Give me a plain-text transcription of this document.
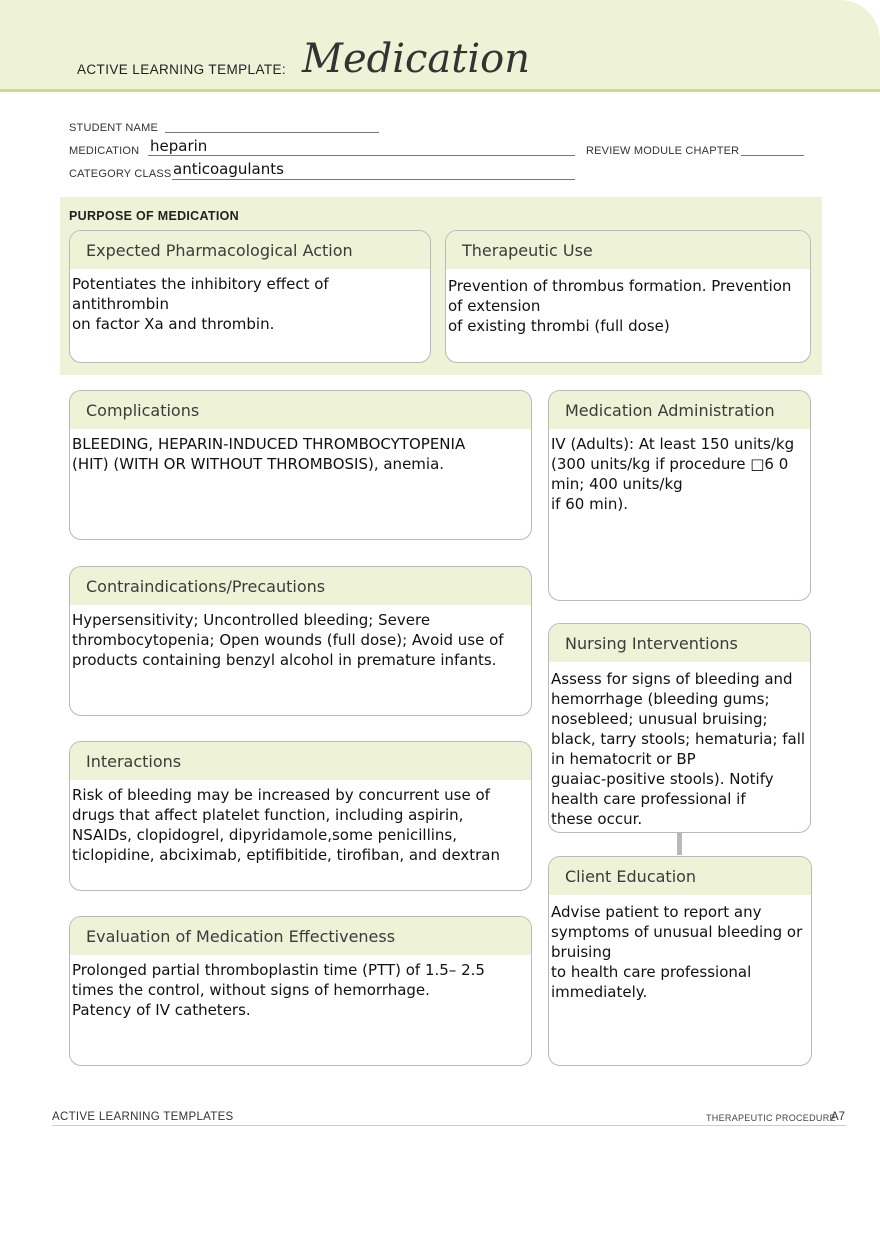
ACTIVE LEARNING TEMPLATE: Medication
STUDENT NAME
MEDICATION heparin	REVIEW MODULE CHAPTER
CATEGORY CLASS anticoagulants
PURPOSE OF MEDICATION
Expected Pharmacological Action
Potentiates the inhibitory effect of antithrombin
on factor Xa and thrombin.
Therapeutic Use
Prevention of thrombus formation. Prevention
of extension
of existing thrombi (full dose)
Complications
BLEEDING, HEPARIN-INDUCED THROMBOCYTOPENIA
(HIT) (WITH OR WITHOUT THROMBOSIS), anemia.
Contraindications/Precautions
Hypersensitivity; Uncontrolled bleeding; Severe
thrombocytopenia; Open wounds (full dose); Avoid use of
products containing benzyl alcohol in premature infants.
Interactions
Risk of bleeding may be increased by concurrent use of
drugs that affect platelet function, including aspirin,
NSAIDs, clopidogrel, dipyridamole,some penicillins,
ticlopidine, abciximab, eptifibitide, tirofiban, and dextran
Evaluation of Medication Effectiveness
Prolonged partial thromboplastin time (PTT) of 1.5– 2.5
times the control, without signs of hemorrhage.
Patency of IV catheters.
Medication Administration
IV (Adults): At least 150 units/kg
(300 units/kg if procedure □6 0
min; 400 units/kg
if 60 min).
Nursing Interventions
Assess for signs of bleeding and
hemorrhage (bleeding gums;
nosebleed; unusual bruising;
black, tarry stools; hematuria; fall
in hematocrit or BP
guaiac-positive stools). Notify
health care professional if
these occur.
Client Education
Advise patient to report any
symptoms of unusual bleeding or
bruising
to health care professional
immediately.
ACTIVE LEARNING TEMPLATES	THERAPEUTIC PROCEDURE
A7
